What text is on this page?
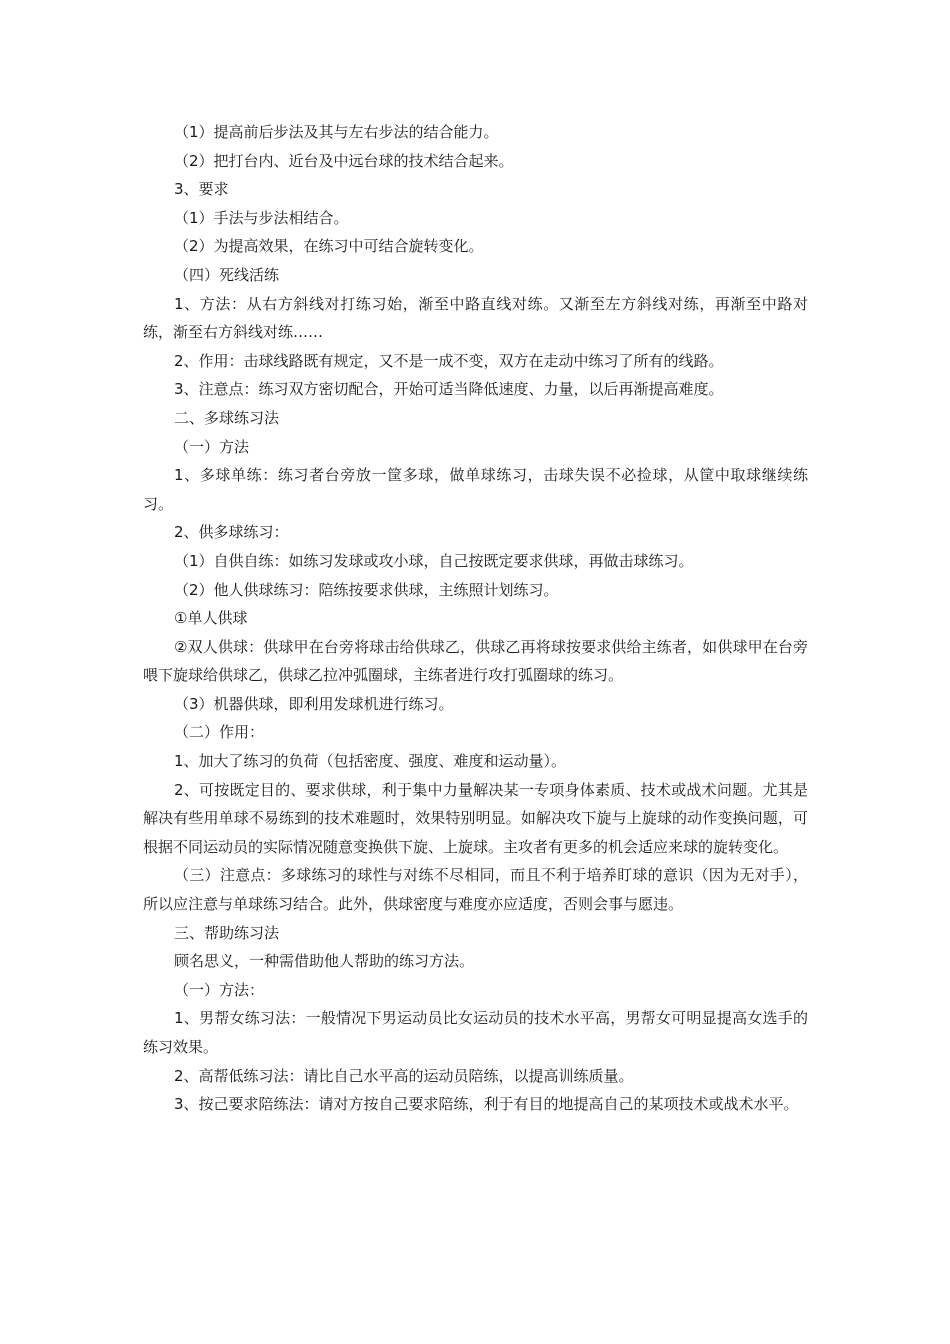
（1）提高前后步法及其与左右步法的结合能力。

（2）把打台内、近台及中远台球的技术结合起来。

3、要求

（1）手法与步法相结合。

（2）为提高效果，在练习中可结合旋转变化。

（四）死线活练

1、方法：从右方斜线对打练习始，渐至中路直线对练。又渐至左方斜线对练，再渐至中路对练，渐至右方斜线对练……

2、作用：击球线路既有规定，又不是一成不变，双方在走动中练习了所有的线路。

3、注意点：练习双方密切配合，开始可适当降低速度、力量，以后再渐提高难度。

二、多球练习法

（一）方法

1、多球单练：练习者台旁放一筐多球，做单球练习，击球失误不必捡球，从筐中取球继续练习。

2、供多球练习：

（1）自供自练：如练习发球或攻小球，自己按既定要求供球，再做击球练习。

（2）他人供球练习：陪练按要求供球，主练照计划练习。

①单人供球

②双人供球：供球甲在台旁将球击给供球乙，供球乙再将球按要求供给主练者，如供球甲在台旁喂下旋球给供球乙，供球乙拉冲弧圈球，主练者进行攻打弧圈球的练习。

（3）机器供球，即利用发球机进行练习。

（二）作用：

1、加大了练习的负荷（包括密度、强度、难度和运动量）。

2、可按既定目的、要求供球，利于集中力量解决某一专项身体素质、技术或战术问题。尤其是解决有些用单球不易练到的技术难题时，效果特别明显。如解决攻下旋与上旋球的动作变换问题，可根据不同运动员的实际情况随意变换供下旋、上旋球。主攻者有更多的机会适应来球的旋转变化。

（三）注意点：多球练习的球性与对练不尽相同，而且不利于培养盯球的意识（因为无对手），所以应注意与单球练习结合。此外，供球密度与难度亦应适度，否则会事与愿违。

三、帮助练习法

顾名思义，一种需借助他人帮助的练习方法。

（一）方法：

1、男帮女练习法：一般情况下男运动员比女运动员的技术水平高，男帮女可明显提高女选手的练习效果。

2、高帮低练习法：请比自己水平高的运动员陪练，以提高训练质量。

3、按己要求陪练法：请对方按自己要求陪练，利于有目的地提高自己的某项技术或战术水平。
